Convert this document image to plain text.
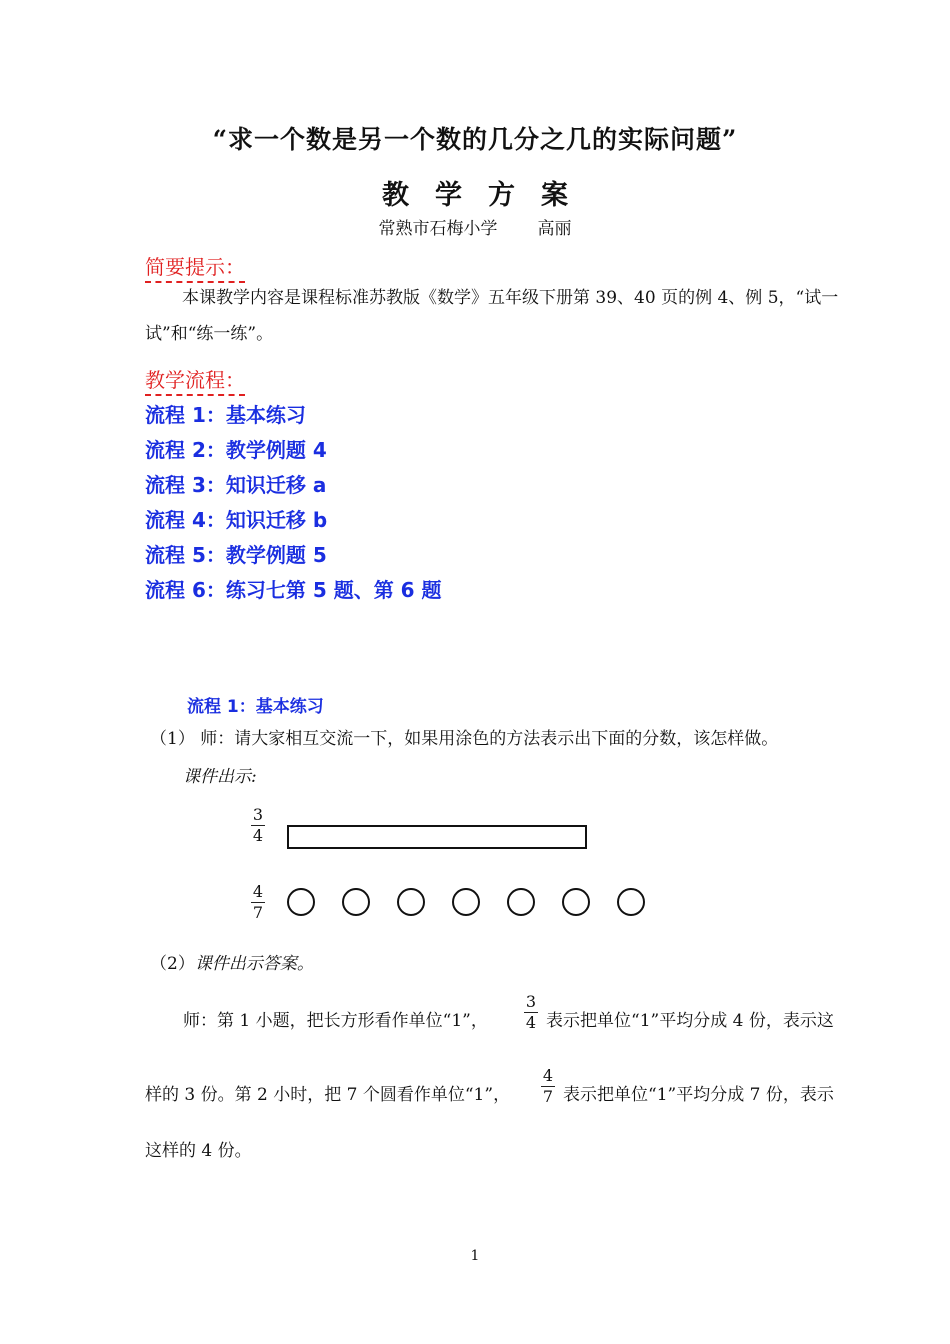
“求一个数是另一个数的几分之几的实际问题”
教学方案
常熟市石梅小学 高丽
简要提示：
本课教学内容是课程标准苏教版《数学》五年级下册第 39、40 页的例 4、例 5，“试一试”和“练一练”。
教学流程：
流程 1：基本练习
流程 2：教学例题 4
流程 3：知识迁移 a
流程 4：知识迁移 b
流程 5：教学例题 5
流程 6：练习七第 5 题、第 6 题
流程 1：基本练习
（1） 师：请大家相互交流一下，如果用涂色的方法表示出下面的分数，该怎样做。
课件出示:
3
4
4
7
（2）课件出示答案。
师：第 1 小题，把长方形看作单位“1”，
3
4 表示把单位“1”平均分成 4 份，表示这
样的 3 份。第 2 小时，把 7 个圆看作单位“1”，
4
7 表示把单位“1”平均分成 7 份，表示
这样的 4 份。
1
